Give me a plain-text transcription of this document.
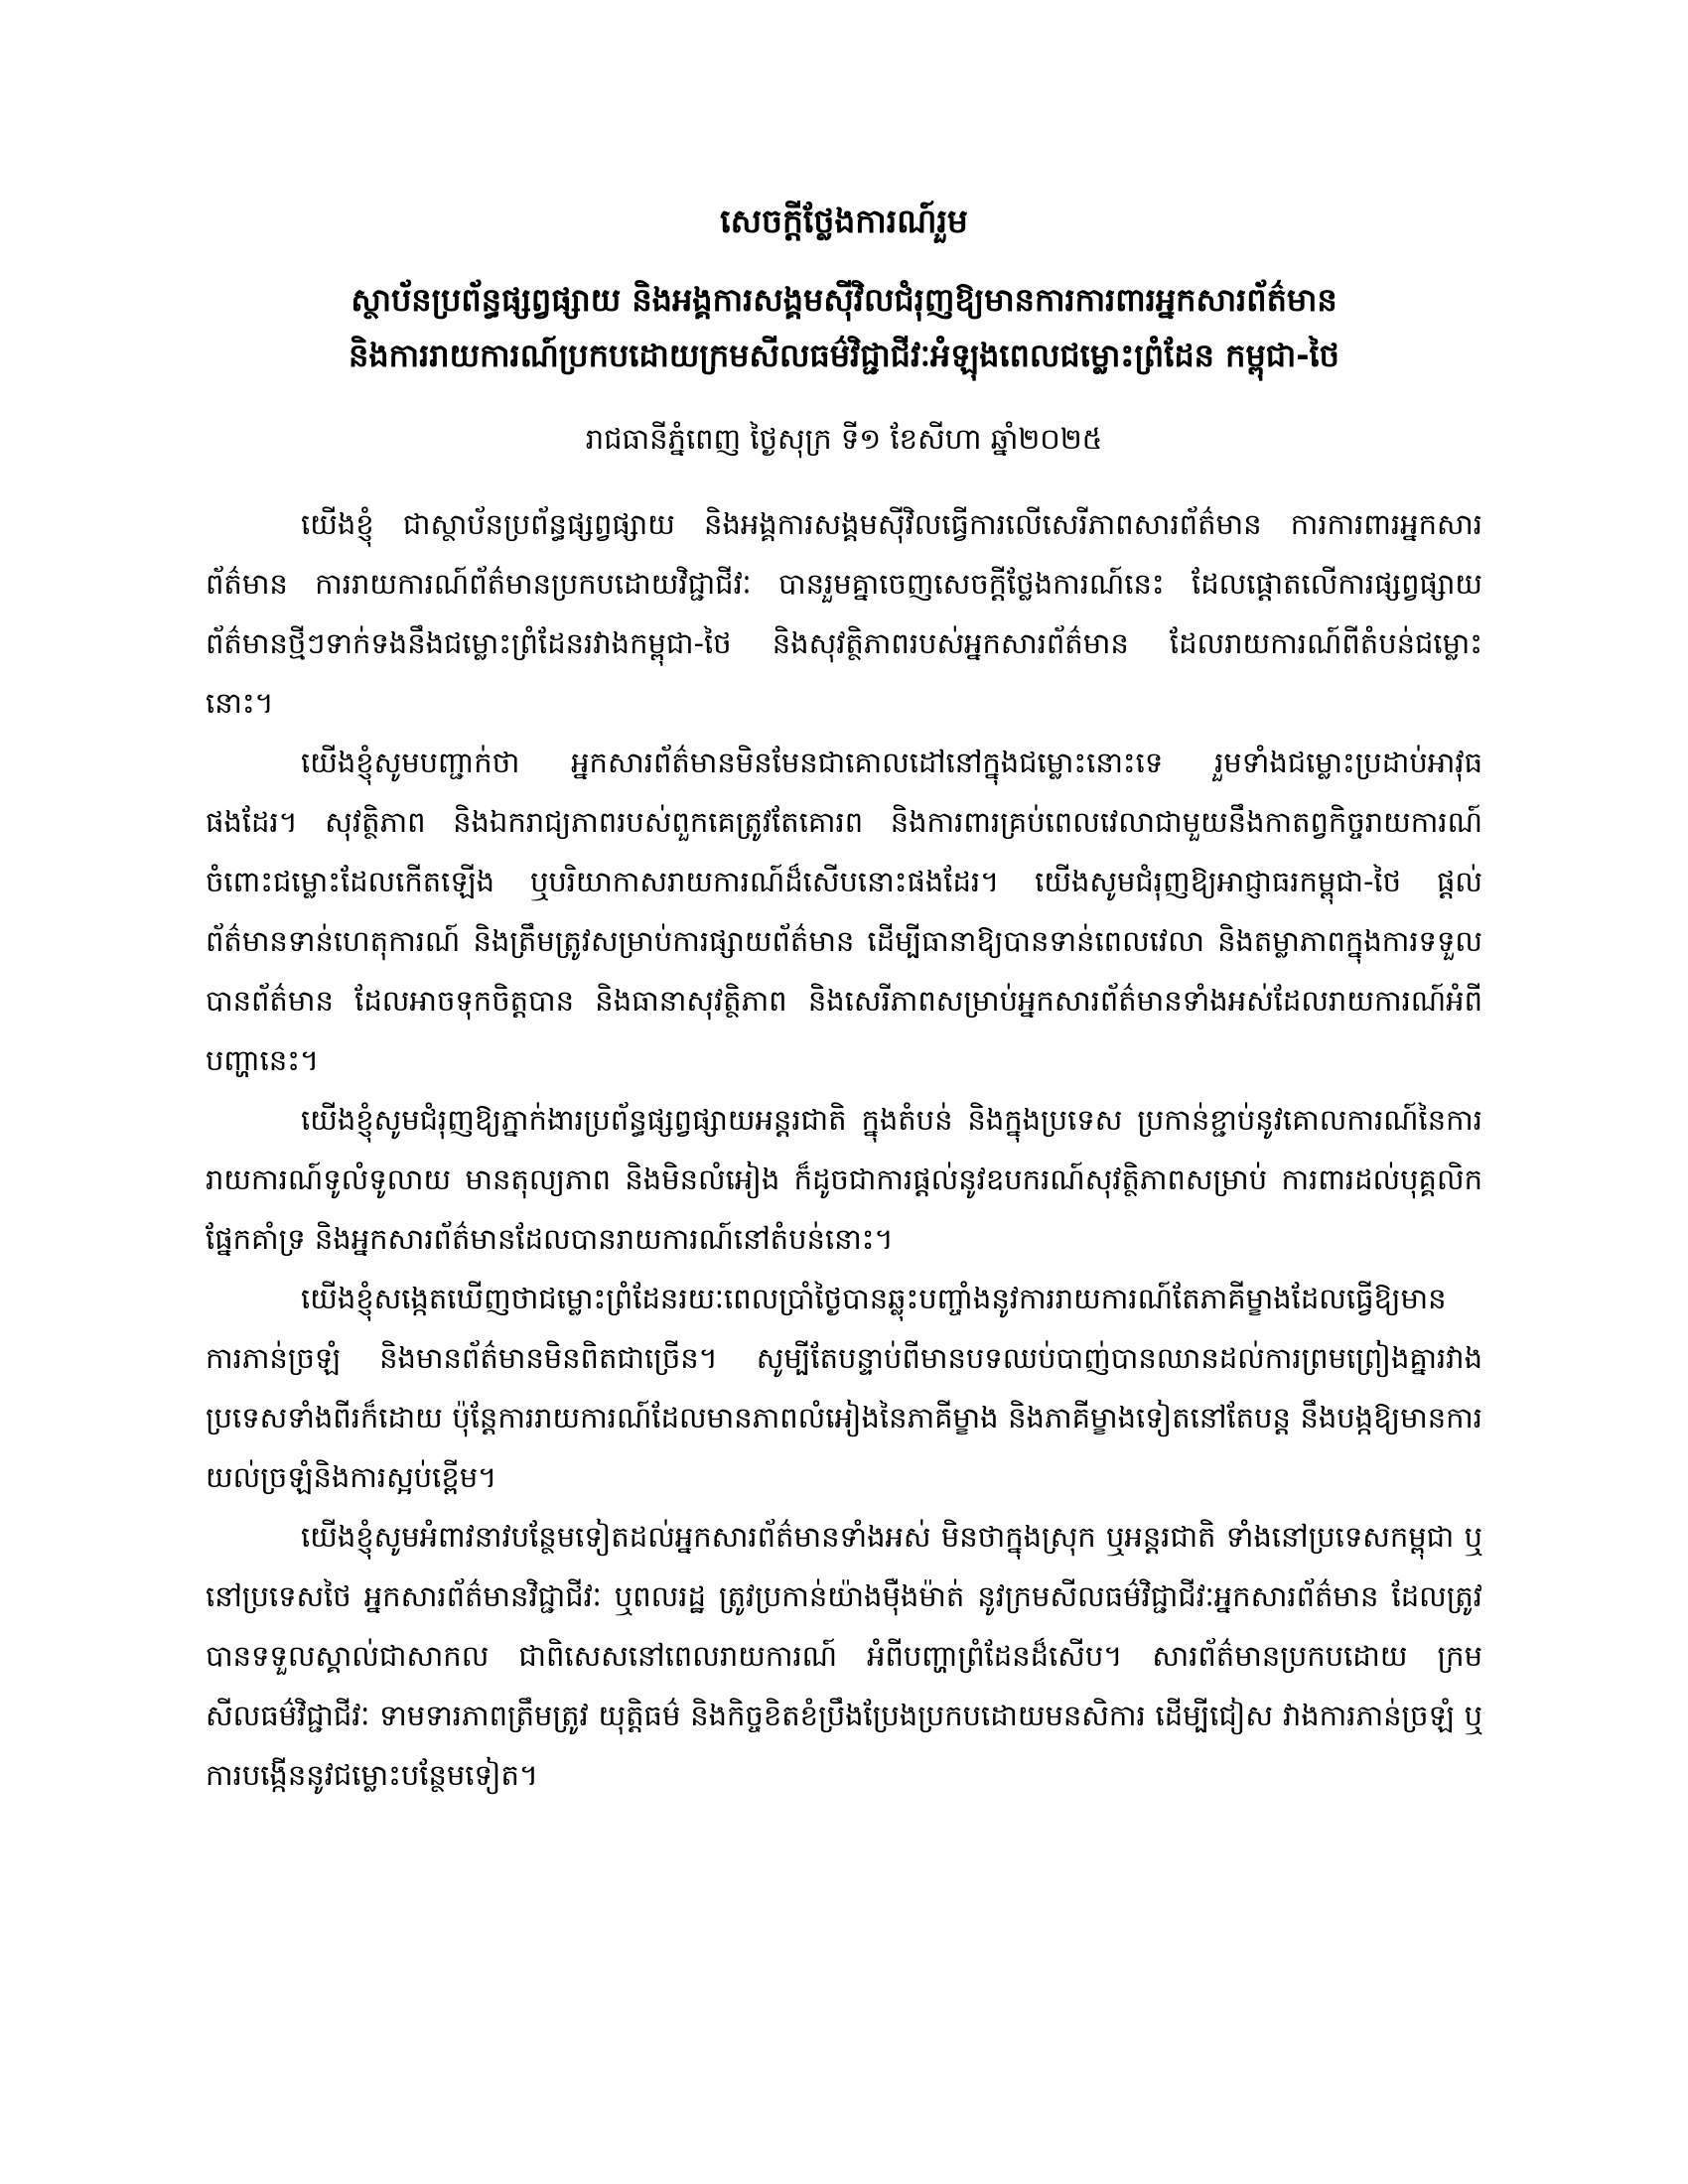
សេចក្តីថ្លែងការណ៍រួម
ស្ថាប័នប្រព័ន្ធផ្សព្វផ្សាយ និងអង្គការសង្គមស៊ីវិលជំរុញឱ្យមានការការពារអ្នកសារព័ត៌មាន
និងការរាយការណ៍ប្រកបដោយក្រមសីលធម៌វិជ្ជាជីវៈអំឡុងពេលជម្លោះព្រំដែន កម្ពុជា-ថៃ

រាជធានីភ្នំពេញ ថ្ងៃសុក្រ ទី១ ខែសីហា ឆ្នាំ២០២៥

យើងខ្ញុំ ជាស្ថាប័នប្រព័ន្ធផ្សព្វផ្សាយ និងអង្គការសង្គមស៊ីវិលធ្វើការលើសេរីភាពសារព័ត៌មាន ការការពារអ្នកសារព័ត៌មាន ការរាយការណ៍ព័ត៌មានប្រកបដោយវិជ្ជាជីវៈ បានរួមគ្នាចេញសេចក្តីថ្លែងការណ៍នេះ ដែលផ្តោតលើការផ្សព្វផ្សាយព័ត៌មានថ្មីៗទាក់ទងនឹងជម្លោះព្រំដែនរវាងកម្ពុជា-ថៃ និងសុវត្ថិភាពរបស់អ្នកសារព័ត៌មាន ដែលរាយការណ៍ពីតំបន់ជម្លោះនោះ។

យើងខ្ញុំសូមបញ្ជាក់ថា អ្នកសារព័ត៌មានមិនមែនជាគោលដៅនៅក្នុងជម្លោះនោះទេ រួមទាំងជម្លោះប្រដាប់អាវុធផងដែរ។ សុវត្ថិភាព និងឯករាជ្យភាពរបស់ពួកគេត្រូវតែគោរព និងការពារគ្រប់ពេលវេលាជាមួយនឹងកាតព្វកិច្ចរាយការណ៍ចំពោះជម្លោះដែលកើតឡើង ឬបរិយាកាសរាយការណ៍ដ៏សើបនោះផងដែរ។ យើងសូមជំរុញឱ្យអាជ្ញាធរកម្ពុជា-ថៃ ផ្តល់ព័ត៌មានទាន់ហេតុការណ៍ និងត្រឹមត្រូវសម្រាប់ការផ្សាយព័ត៌មាន ដើម្បីធានាឱ្យបានទាន់ពេលវេលា និងតម្លាភាពក្នុងការទទួលបានព័ត៌មាន ដែលអាចទុកចិត្តបាន និងធានាសុវត្ថិភាព និងសេរីភាពសម្រាប់អ្នកសារព័ត៌មានទាំងអស់ដែលរាយការណ៍អំពីបញ្ហានេះ។

យើងខ្ញុំសូមជំរុញឱ្យភ្នាក់ងារប្រព័ន្ធផ្សព្វផ្សាយអន្តរជាតិ ក្នុងតំបន់ និងក្នុងប្រទេស ប្រកាន់ខ្ជាប់នូវគោលការណ៍នៃការ រាយការណ៍ទូលំទូលាយ មានតុល្យភាព និងមិនលំអៀង ក៏ដូចជាការផ្តល់នូវឧបករណ៍សុវត្ថិភាពសម្រាប់ ការពារដល់បុគ្គលិកផ្នែកគាំទ្រ និងអ្នកសារព័ត៌មានដែលបានរាយការណ៍នៅតំបន់នោះ។

យើងខ្ញុំសង្កេតឃើញថាជម្លោះព្រំដែនរយៈពេលប្រាំថ្ងៃបានឆ្លុះបញ្ចាំងនូវការរាយការណ៍តែភាគីម្ខាងដែលធ្វើឱ្យមានការភាន់ច្រឡំ និងមានព័ត៌មានមិនពិតជាច្រើន។ សូម្បីតែបន្ទាប់ពីមានបទឈប់បាញ់បានឈានដល់ការព្រមព្រៀងគ្នារវាងប្រទេសទាំងពីរក៏ដោយ ប៉ុន្តែការរាយការណ៍ដែលមានភាពលំអៀងនៃភាគីម្ខាង និងភាគីម្ខាងទៀតនៅតែបន្ត នឹងបង្កឱ្យមានការយល់ច្រឡំនិងការស្អប់ខ្ពើម។

យើងខ្ញុំសូមអំពាវនាវបន្ថែមទៀតដល់អ្នកសារព័ត៌មានទាំងអស់ មិនថាក្នុងស្រុក ឬអន្តរជាតិ ទាំងនៅប្រទេសកម្ពុជា ឬនៅប្រទេសថៃ អ្នកសារព័ត៌មានវិជ្ជាជីវៈ ឬពលរដ្ឋ ត្រូវប្រកាន់យ៉ាងម៉ឺងម៉ាត់ នូវក្រមសីលធម៌វិជ្ជាជីវៈអ្នកសារព័ត៌មាន ដែលត្រូវបានទទួលស្គាល់ជាសាកល ជាពិសេសនៅពេលរាយការណ៍ អំពីបញ្ហាព្រំដែនដ៏សើប។ សារព័ត៌មានប្រកបដោយ ក្រមសីលធម៌វិជ្ជាជីវៈ ទាមទារភាពត្រឹមត្រូវ យុត្តិធម៌ និងកិច្ចខិតខំប្រឹងប្រែងប្រកបដោយមនសិការ ដើម្បីជៀស វាងការភាន់ច្រឡំ ឬការបង្កើននូវជម្លោះបន្ថែមទៀត។
